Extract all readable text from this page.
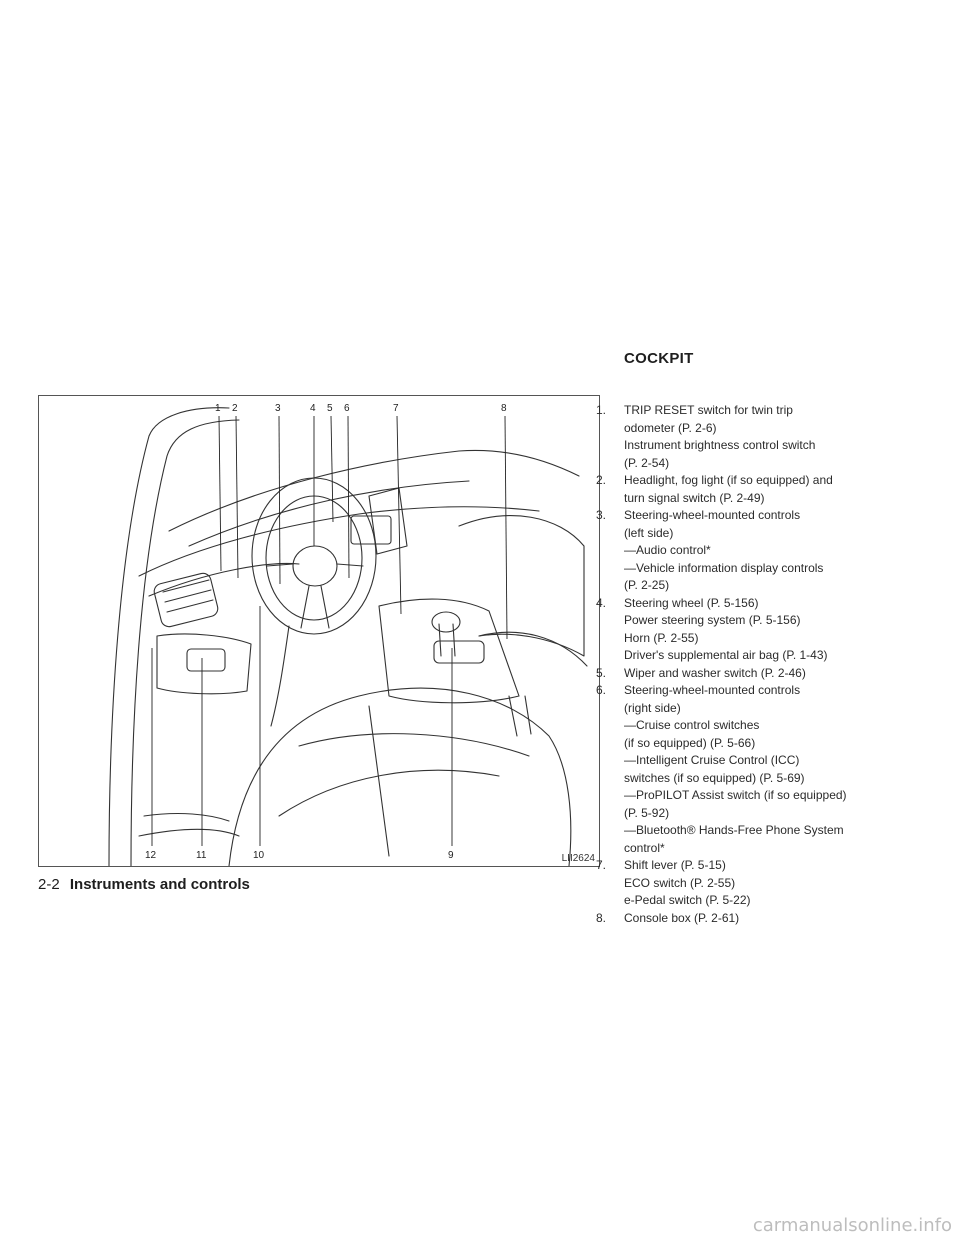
COCKPIT
1 2	3	4 5 6	7	8
9
10
11
12	LII2624
1.	TRIP RESET switch for twin trip
odometer (P. 2-6)
Instrument brightness control switch
(P. 2-54)
2.	Headlight, fog light (if so equipped) and
turn signal switch (P. 2-49)
3.	Steering-wheel-mounted controls
(left side)
—Audio control*
—Vehicle information display controls
(P. 2-25)
4.	Steering wheel (P. 5-156)
Power steering system (P. 5-156)
Horn (P. 2-55)
Driver's supplemental air bag (P. 1-43)
5.	Wiper and washer switch (P. 2-46)
6.	Steering-wheel-mounted controls
(right side)
—Cruise control switches
(if so equipped) (P. 5-66)
—Intelligent Cruise Control (ICC)
switches (if so equipped) (P. 5-69)
—ProPILOT Assist switch (if so equipped)
(P. 5-92)
—Bluetooth® Hands-Free Phone System
control*
7.	Shift lever (P. 5-15)
ECO switch (P. 2-55)
e-Pedal switch (P. 5-22)
8.	Console box (P. 2-61)
2-2 Instruments and controls
carmanualsonline.info
